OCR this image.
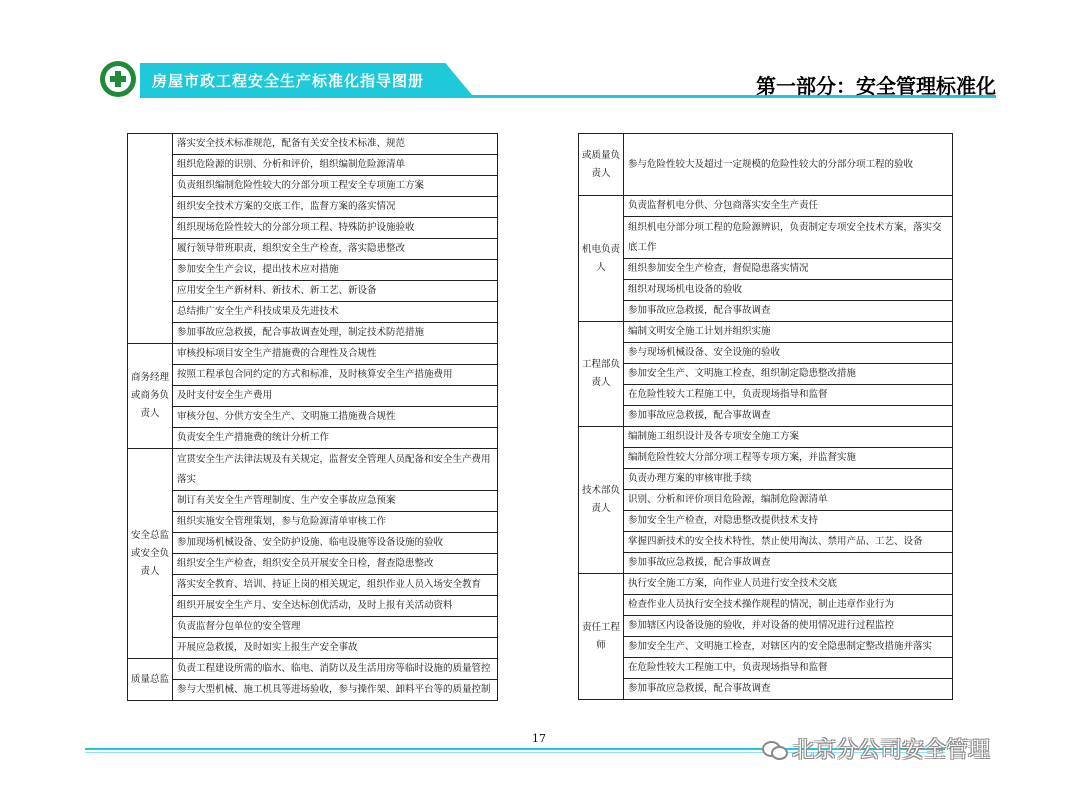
房屋市政工程安全生产标准化指导图册	第一部分：安全管理标准化
	落实安全技术标准规范，配备有关安全技术标准、规范
	组织危险源的识别、分析和评价，组织编制危险源清单
	负责组织编制危险性较大的分部分项工程安全专项施工方案
	组织安全技术方案的交底工作，监督方案的落实情况
	组织现场危险性较大的分部分项工程、特殊防护设施验收
	履行领导带班职责，组织安全生产检查，落实隐患整改
	参加安全生产会议，提出技术应对措施
	应用安全生产新材料、新技术、新工艺、新设备
	总结推广安全生产科技成果及先进技术
	参加事故应急救援，配合事故调查处理，制定技术防范措施
商务经理或商务负责人	审核投标项目安全生产措施费的合理性及合规性
	按照工程承包合同约定的方式和标准，及时核算安全生产措施费用
	及时支付安全生产费用
	审核分包、分供方安全生产、文明施工措施费合规性
	负责安全生产措施费的统计分析工作
安全总监或安全负责人	宣贯安全生产法律法规及有关规定，监督安全管理人员配备和安全生产费用落实
	制订有关安全生产管理制度、生产安全事故应急预案
	组织实施安全管理策划，参与危险源清单审核工作
	参加现场机械设备、安全防护设施、临电设施等设备设施的验收
	组织安全生产检查，组织安全员开展安全日检，督查隐患整改
	落实安全教育、培训、持证上岗的相关规定，组织作业人员入场安全教育
	组织开展安全生产月、安全达标创优活动，及时上报有关活动资料
	负责监督分包单位的安全管理
	开展应急救援，及时如实上报生产安全事故
质量总监	负责工程建设所需的临水、临电、消防以及生活用房等临时设施的质量管控
	参与大型机械、施工机具等进场验收，参与操作架、卸料平台等的质量控制
或质量负责人	参与危险性较大及超过一定规模的危险性较大的分部分项工程的验收
机电负责人	负责监督机电分供、分包商落实安全生产责任
	组织机电分部分项工程的危险源辨识，负责制定专项安全技术方案，落实交底工作
	组织参加安全生产检查，督促隐患落实情况
	组织对现场机电设备的验收
	参加事故应急救援，配合事故调查
工程部负责人	编制文明安全施工计划并组织实施
	参与现场机械设备、安全设施的验收
	参加安全生产、文明施工检查，组织制定隐患整改措施
	在危险性较大工程施工中，负责现场指导和监督
	参加事故应急救援，配合事故调查
技术部负责人	编制施工组织设计及各专项安全施工方案
	编制危险性较大分部分项工程等专项方案，并监督实施
	负责办理方案的审核审批手续
	识别、分析和评价项目危险源，编制危险源清单
	参加安全生产检查，对隐患整改提供技术支持
	掌握四新技术的安全技术特性，禁止使用淘汰、禁用产品、工艺、设备
	参加事故应急救援，配合事故调查
责任工程师	执行安全施工方案，向作业人员进行安全技术交底
	检查作业人员执行安全技术操作规程的情况，制止违章作业行为
	参加辖区内设备设施的验收，并对设备的使用情况进行过程监控
	参加安全生产、文明施工检查，对辖区内的安全隐患制定整改措施并落实
	在危险性较大工程施工中，负责现场指导和监督
	参加事故应急救援，配合事故调查
17	北京分公司安全管理
